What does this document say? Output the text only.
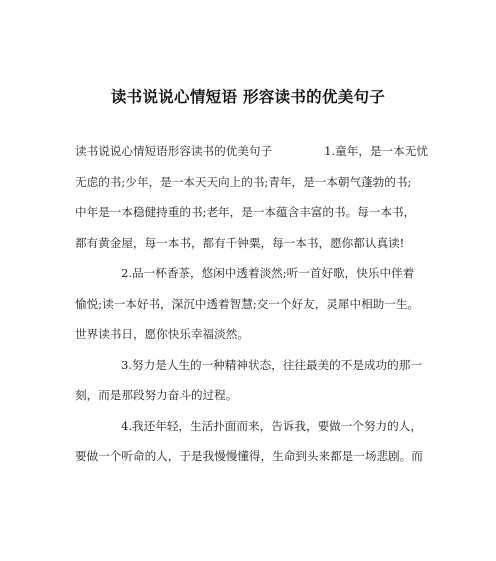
读书说说心情短语 形容读书的优美句子
读书说说心情短语形容读书的优美句子	1.童年，是一本无忧
无虑的书;少年，是一本天天向上的书;青年，是一本朝气蓬勃的书;
中年是一本稳健持重的书;老年，是一本蕴含丰富的书。每一本书，
都有黄金屋，每一本书，都有千钟粟，每一本书，愿你都认真读!
2.品一杯香茶，悠闲中透着淡然;听一首好歌，快乐中伴着
愉悦;读一本好书，深沉中透着智慧;交一个好友，灵犀中相助一生。
世界读书日，愿你快乐幸福淡然。
3.努力是人生的一种精神状态，往往最美的不是成功的那一
刻，而是那段努力奋斗的过程。
4.我还年轻，生活扑面而来，告诉我，要做一个努力的人，
要做一个听命的人，于是我慢慢懂得，生命到头来都是一场悲剧。而
